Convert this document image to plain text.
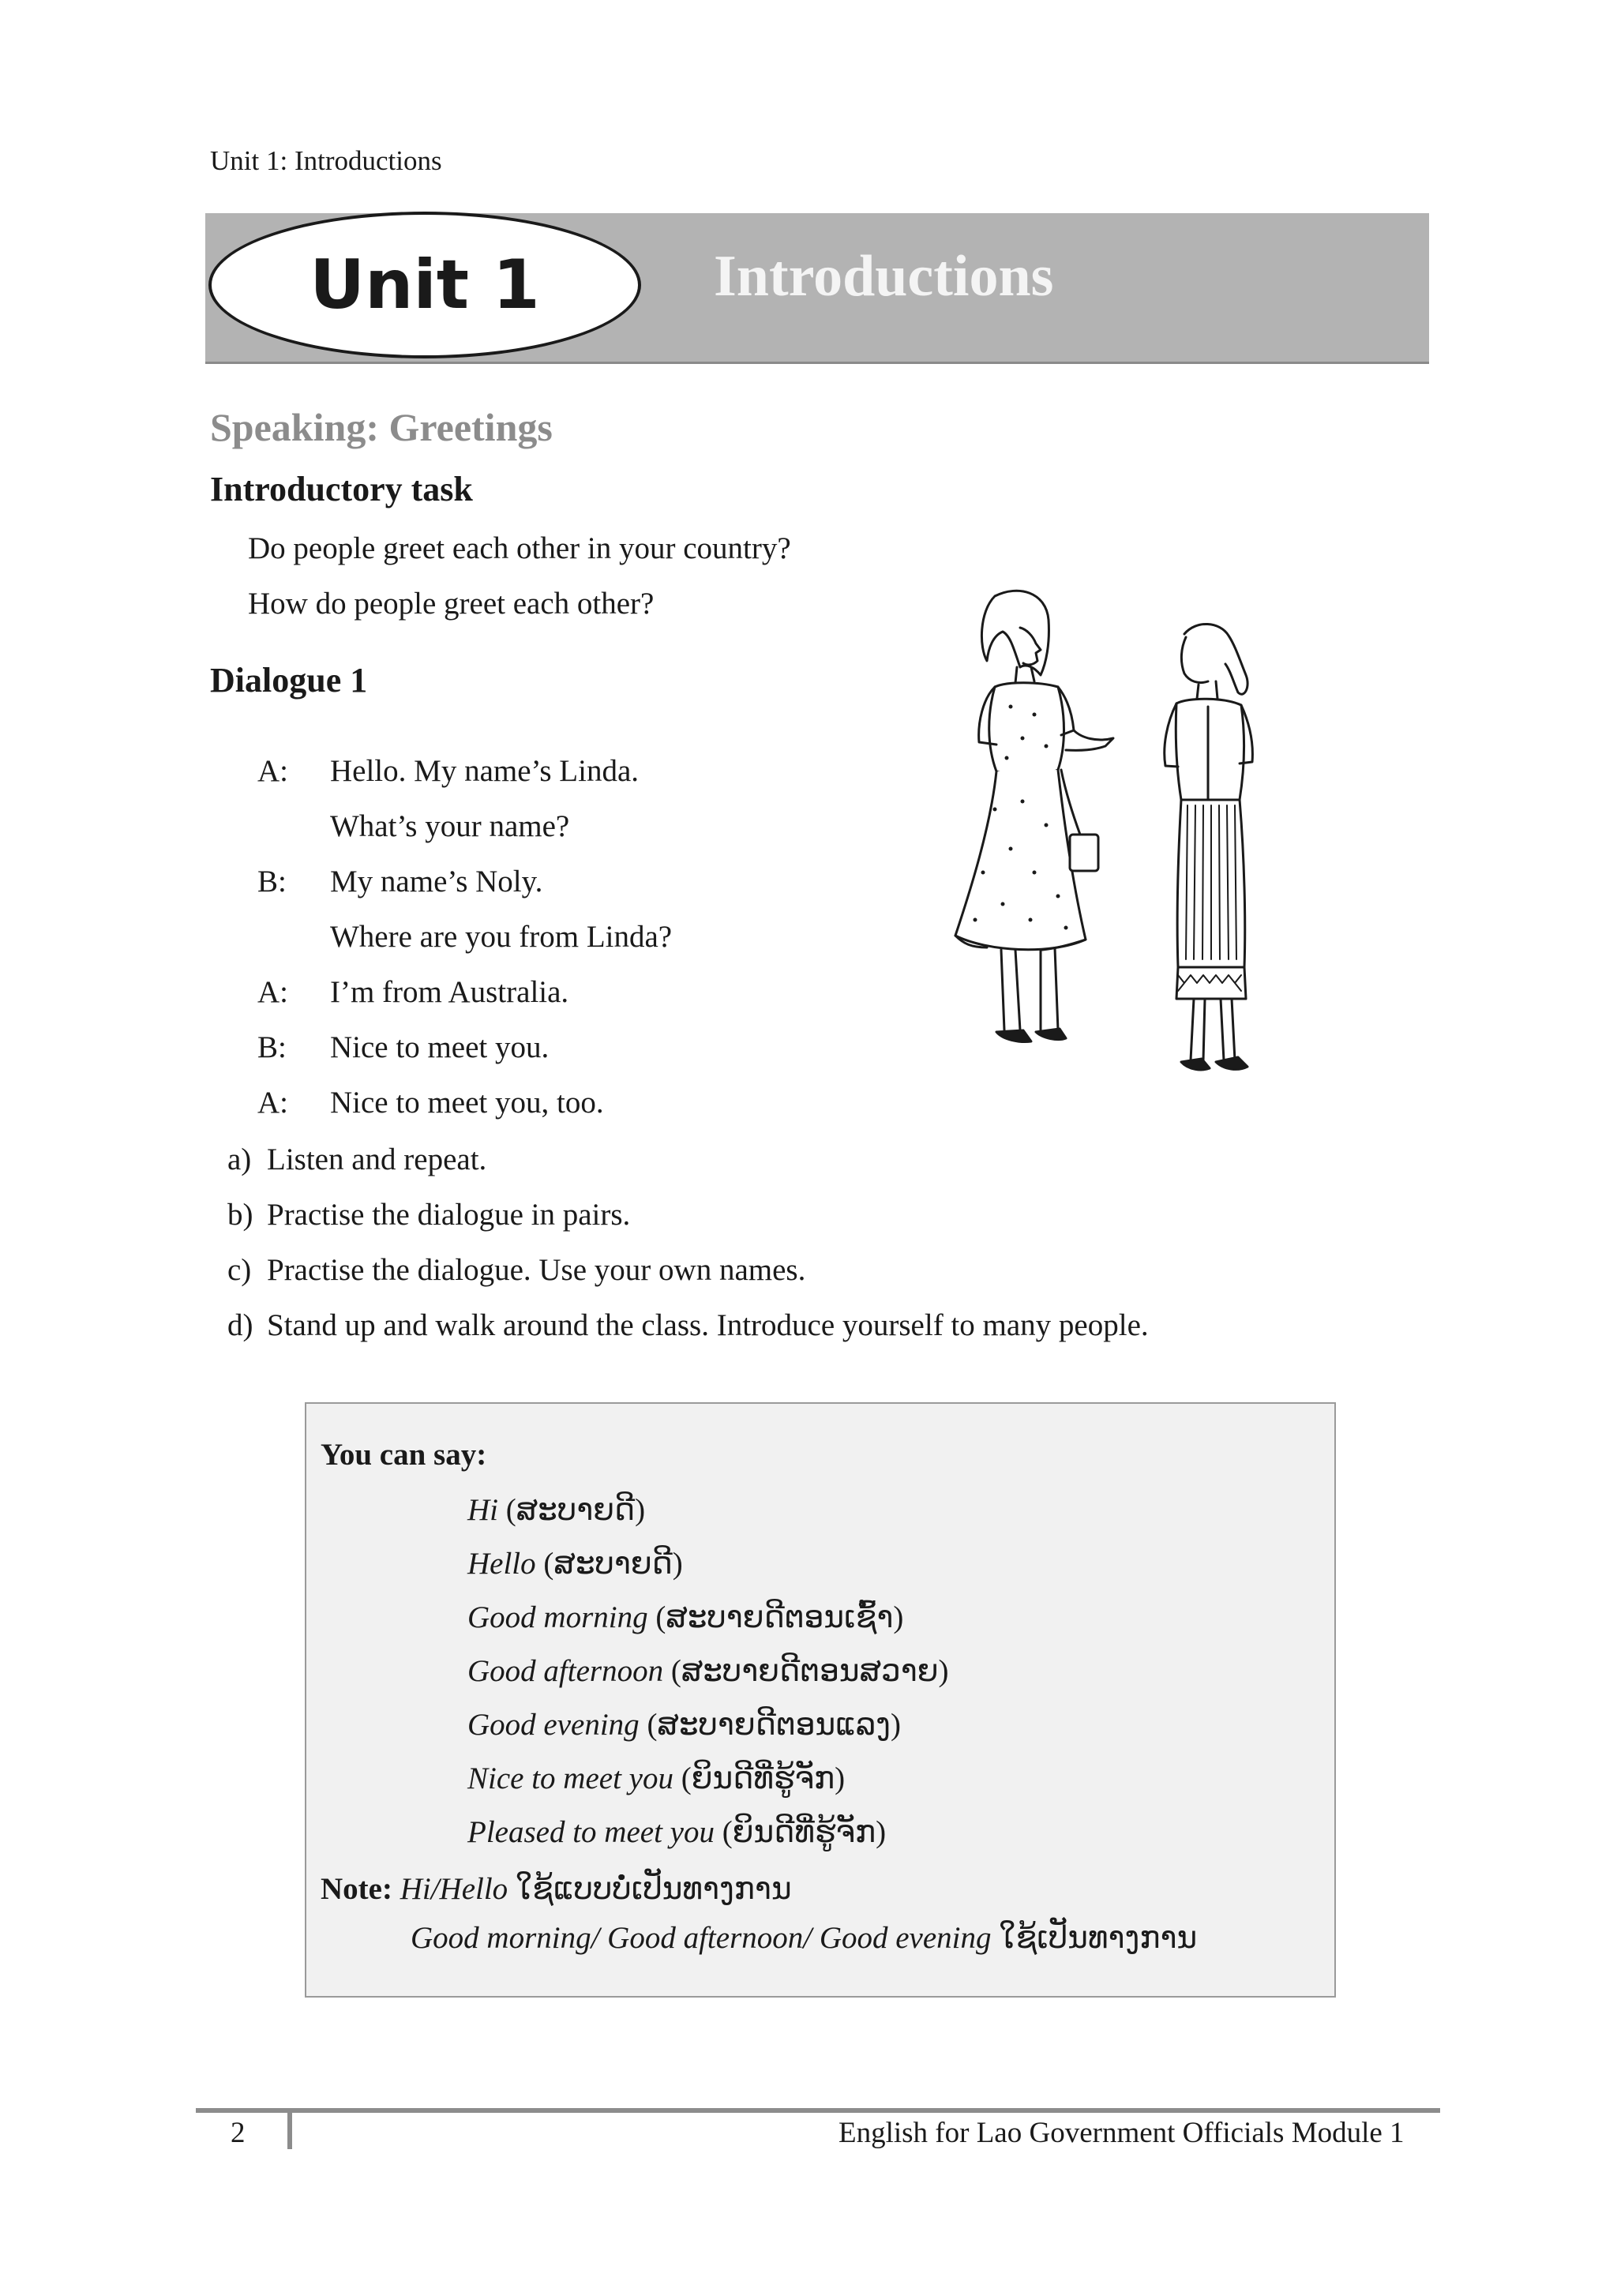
Unit 1: Introductions
Unit 1	Introductions
Speaking: Greetings
Introductory task
Do people greet each other in your country?
How do people greet each other?
Dialogue 1
A:	Hello. My name’s Linda.
What’s your name?
B:	My name’s Noly.
Where are you from Linda?
A:	I’m from Australia.
B:	Nice to meet you.
A:	Nice to meet you, too.
a) Listen and repeat.
b) Practise the dialogue in pairs.
c) Practise the dialogue. Use your own names.
d) Stand up and walk around the class. Introduce yourself to many people.
You can say:
Hi (ສະບາຍດີ)
Hello (ສະບາຍດີ)
Good morning (ສະບາຍດີຕອນເຊົ້າ)
Good afternoon (ສະບາຍດີຕອນສວາຍ)
Good evening (ສະບາຍດີຕອນແລງ)
Nice to meet you (ຍິນດີທີ່ຮູ້ຈັກ)
Pleased to meet you (ຍິນດີທີ່ຮູ້ຈັກ)
Note: Hi/Hello ໃຊ້ແບບບໍ່ເປັນທາງການ
Good morning/ Good afternoon/ Good evening ໃຊ້ເປັນທາງການ
2	English for Lao Government Officials Module 1
